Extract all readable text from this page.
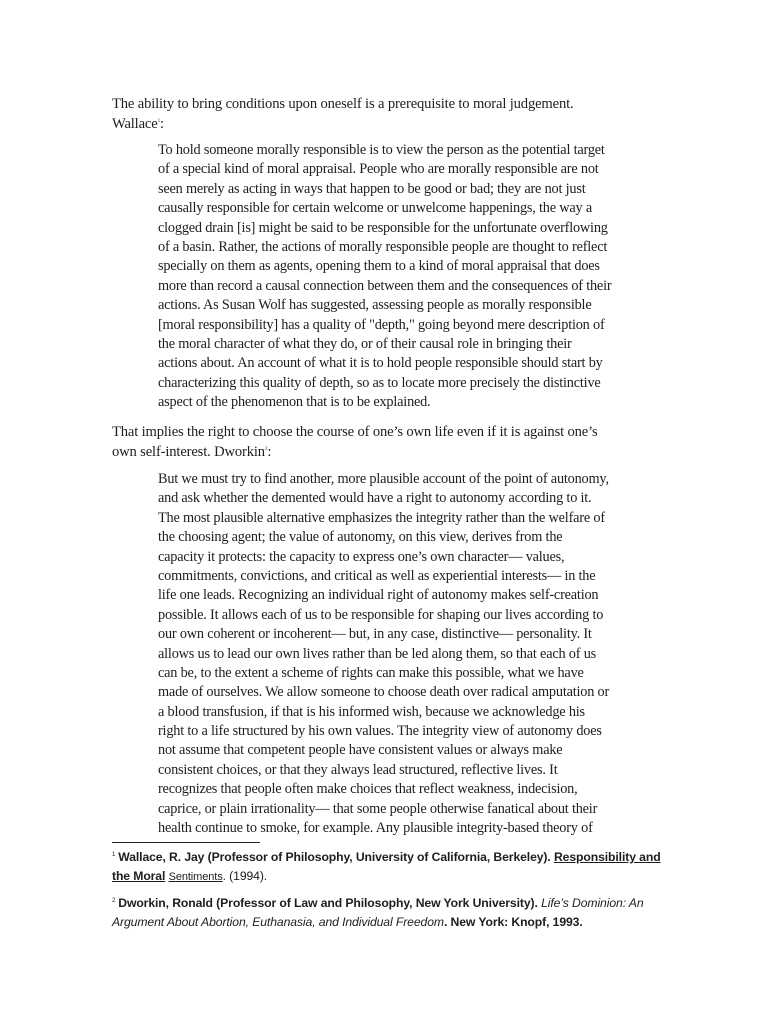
The ability to bring conditions upon oneself is a prerequisite to moral judgement.

Wallace$^1$:

To hold someone morally responsible is to view the person as the potential target
of a special kind of moral appraisal. People who are morally responsible are not
seen merely as acting in ways that happen to be good or bad; they are not just
causally responsible for certain welcome or unwelcome happenings, the way a
clogged drain [is] might be said to be responsible for the unfortunate overflowing
of a basin. Rather, the actions of morally responsible people are thought to reflect
specially on them as agents, opening them to a kind of moral appraisal that does
more than record a causal connection between them and the consequences of their
actions. As Susan Wolf has suggested, assessing people as morally responsible
[moral responsibility] has a quality of "depth," going beyond mere description of
the moral character of what they do, or of their causal role in bringing their
actions about. An account of what it is to hold people responsible should start by
characterizing this quality of depth, so as to locate more precisely the distinctive
aspect of the phenomenon that is to be explained.

That implies the right to choose the course of one’s own life even if it is against one’s

own self-interest. Dworkin$^2$:

But we must try to find another, more plausible account of the point of autonomy,
and ask whether the demented would have a right to autonomy according to it.
The most plausible alternative emphasizes the integrity rather than the welfare of
the choosing agent; the value of autonomy, on this view, derives from the
capacity it protects: the capacity to express one’s own character— values,
commitments, convictions, and critical as well as experiential interests— in the
life one leads. Recognizing an individual right of autonomy makes self-creation
possible. It allows each of us to be responsible for shaping our lives according to
our own coherent or incoherent— but, in any case, distinctive— personality. It
allows us to lead our own lives rather than be led along them, so that each of us
can be, to the extent a scheme of rights can make this possible, what we have
made of ourselves. We allow someone to choose death over radical amputation or
a blood transfusion, if that is his informed wish, because we acknowledge his
right to a life structured by his own values. The integrity view of autonomy does
not assume that competent people have consistent values or always make
consistent choices, or that they always lead structured, reflective lives. It
recognizes that people often make choices that reflect weakness, indecision,
caprice, or plain irrationality— that some people otherwise fanatical about their
health continue to smoke, for example. Any plausible integrity-based theory of
$^1$ Wallace, R. Jay (Professor of Philosophy, University of California, Berkeley). Responsibility and
the Moral Sentiments. (1994).
$^2$ Dworkin, Ronald (Professor of Law and Philosophy, New York University). Life’s Dominion: An
Argument About Abortion, Euthanasia, and Individual Freedom. New York: Knopf, 1993.
